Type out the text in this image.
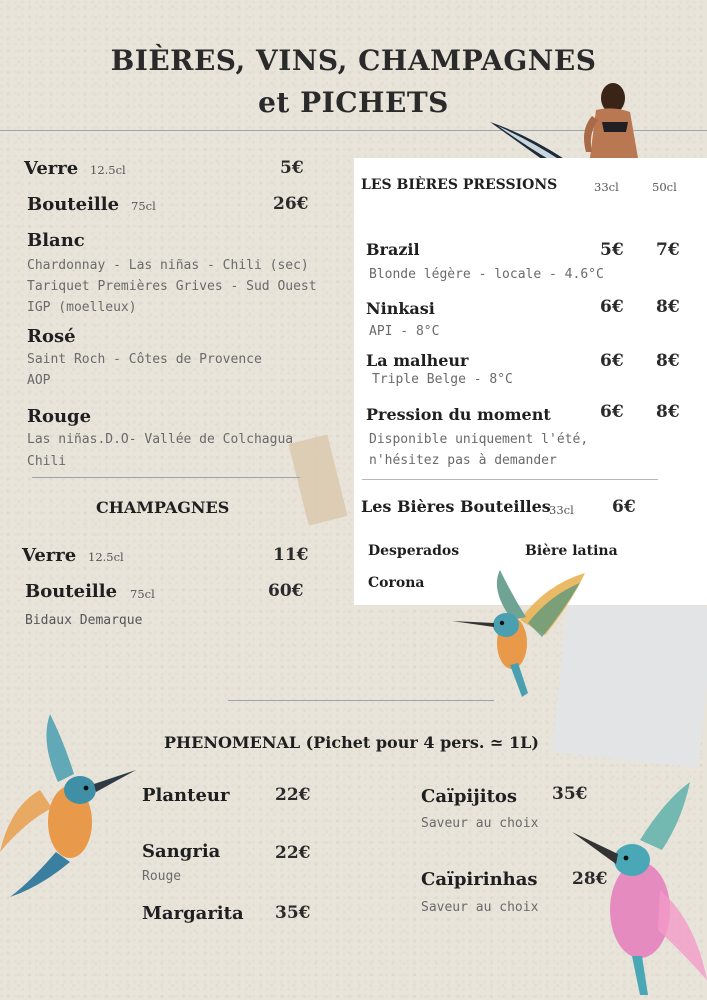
BIÈRES, VINS, CHAMPAGNES
et PICHETS
Verre 12.5cl	5€
Bouteille 75cl	26€
Blanc
Chardonnay - Las niñas - Chili (sec)
Tariquet Premières Grives - Sud Ouest
IGP (moelleux)
Rosé
Saint Roch - Côtes de Provence
AOP
Rouge
Las niñas.D.O- Vallée de Colchagua
Chili
CHAMPAGNES
Verre 12.5cl	11€
Bouteille 75cl	60€
Bidaux Demarque
LES BIÈRES PRESSIONS	33cl	50cl
Brazil	5€ 7€
Blonde légère - locale - 4.6°C
Ninkasi	6€ 8€
API - 8°C
La malheur	6€ 8€
Triple Belge - 8°C
Pression du moment	6€ 8€
Disponible uniquement l'été,
n'hésitez pas à demander
Les Bières Bouteilles
33cl 6€
Desperados	Bière latina
Corona
PHENOMENAL (Pichet pour 4 pers. ≃ 1L)
Planteur	22€
Sangria	22€
Rouge
Margarita 35€
Caïpijitos 35€
Saveur au choix
Caïpirinhas 28€
Saveur au choix
